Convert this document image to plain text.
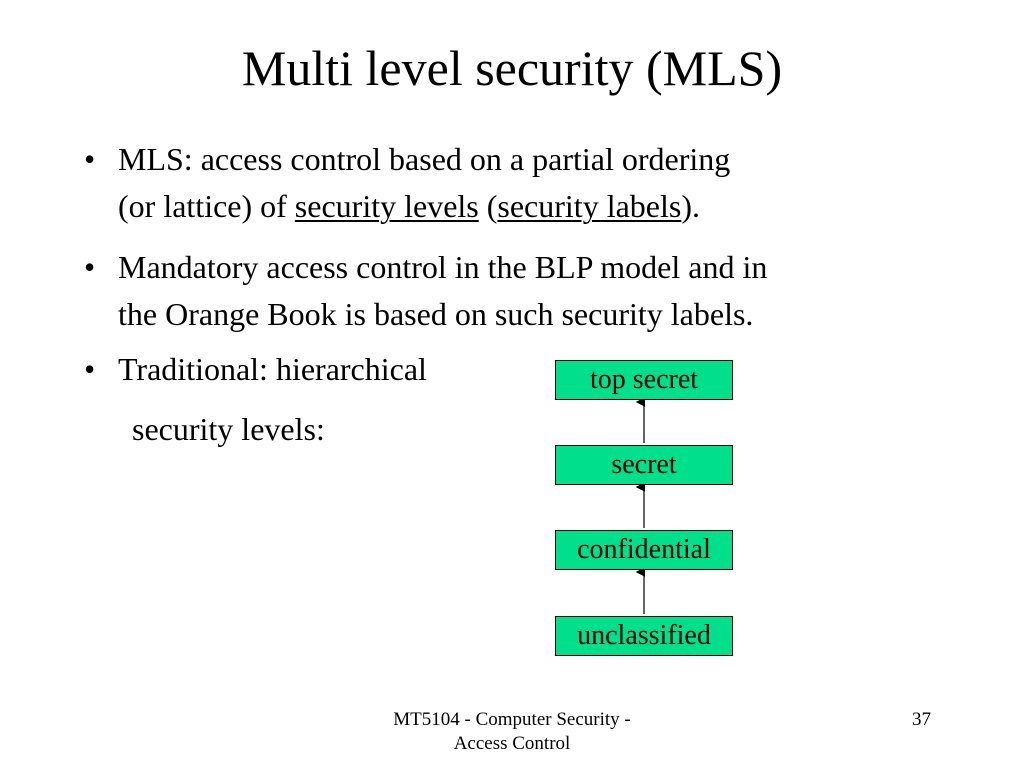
Multi level security (MLS)
• MLS: access control based on a partial ordering
(or lattice) of security levels (security labels).
• Mandatory access control in the BLP model and in
the Orange Book is based on such security labels.
• Traditional: hierarchical
security levels:
top secret
secret
confidential
unclassified
MT5104 - Computer Security -
Access Control
37
